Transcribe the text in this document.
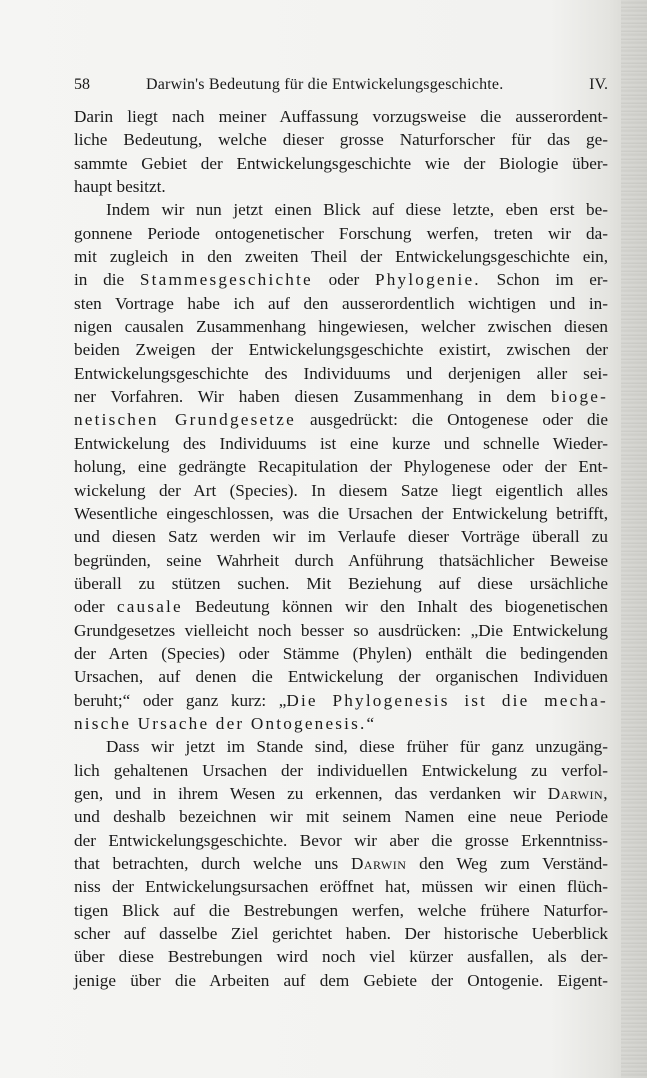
58	Darwin's Bedeutung für die Entwickelungsgeschichte.	IV.
Darin liegt nach meiner Auffassung vorzugsweise die ausserordent-
liche Bedeutung, welche dieser grosse Naturforscher für das ge-
sammte Gebiet der Entwickelungsgeschichte wie der Biologie über-
haupt besitzt.
Indem wir nun jetzt einen Blick auf diese letzte, eben erst be-
gonnene Periode ontogenetischer Forschung werfen, treten wir da-
mit zugleich in den zweiten Theil der Entwickelungsgeschichte ein,
in die Stammesgeschichte oder Phylogenie. Schon im er-
sten Vortrage habe ich auf den ausserordentlich wichtigen und in-
nigen causalen Zusammenhang hingewiesen, welcher zwischen diesen
beiden Zweigen der Entwickelungsgeschichte existirt, zwischen der
Entwickelungsgeschichte des Individuums und derjenigen aller sei-
ner Vorfahren. Wir haben diesen Zusammenhang in dem bioge-
netischen Grundgesetze ausgedrückt: die Ontogenese oder die
Entwickelung des Individuums ist eine kurze und schnelle Wieder-
holung, eine gedrängte Recapitulation der Phylogenese oder der Ent-
wickelung der Art (Species). In diesem Satze liegt eigentlich alles
Wesentliche eingeschlossen, was die Ursachen der Entwickelung betrifft,
und diesen Satz werden wir im Verlaufe dieser Vorträge überall zu
begründen, seine Wahrheit durch Anführung thatsächlicher Beweise
überall zu stützen suchen. Mit Beziehung auf diese ursächliche
oder causale Bedeutung können wir den Inhalt des biogenetischen
Grundgesetzes vielleicht noch besser so ausdrücken: „Die Entwickelung
der Arten (Species) oder Stämme (Phylen) enthält die bedingenden
Ursachen, auf denen die Entwickelung der organischen Individuen
beruht;“ oder ganz kurz: „Die Phylogenesis ist die mecha-
nische Ursache der Ontogenesis.“
Dass wir jetzt im Stande sind, diese früher für ganz unzugäng-
lich gehaltenen Ursachen der individuellen Entwickelung zu verfol-
gen, und in ihrem Wesen zu erkennen, das verdanken wir Darwin,
und deshalb bezeichnen wir mit seinem Namen eine neue Periode
der Entwickelungsgeschichte. Bevor wir aber die grosse Erkenntniss-
that betrachten, durch welche uns Darwin den Weg zum Verständ-
niss der Entwickelungsursachen eröffnet hat, müssen wir einen flüch-
tigen Blick auf die Bestrebungen werfen, welche frühere Naturfor-
scher auf dasselbe Ziel gerichtet haben. Der historische Ueberblick
über diese Bestrebungen wird noch viel kürzer ausfallen, als der-
jenige über die Arbeiten auf dem Gebiete der Ontogenie. Eigent-
